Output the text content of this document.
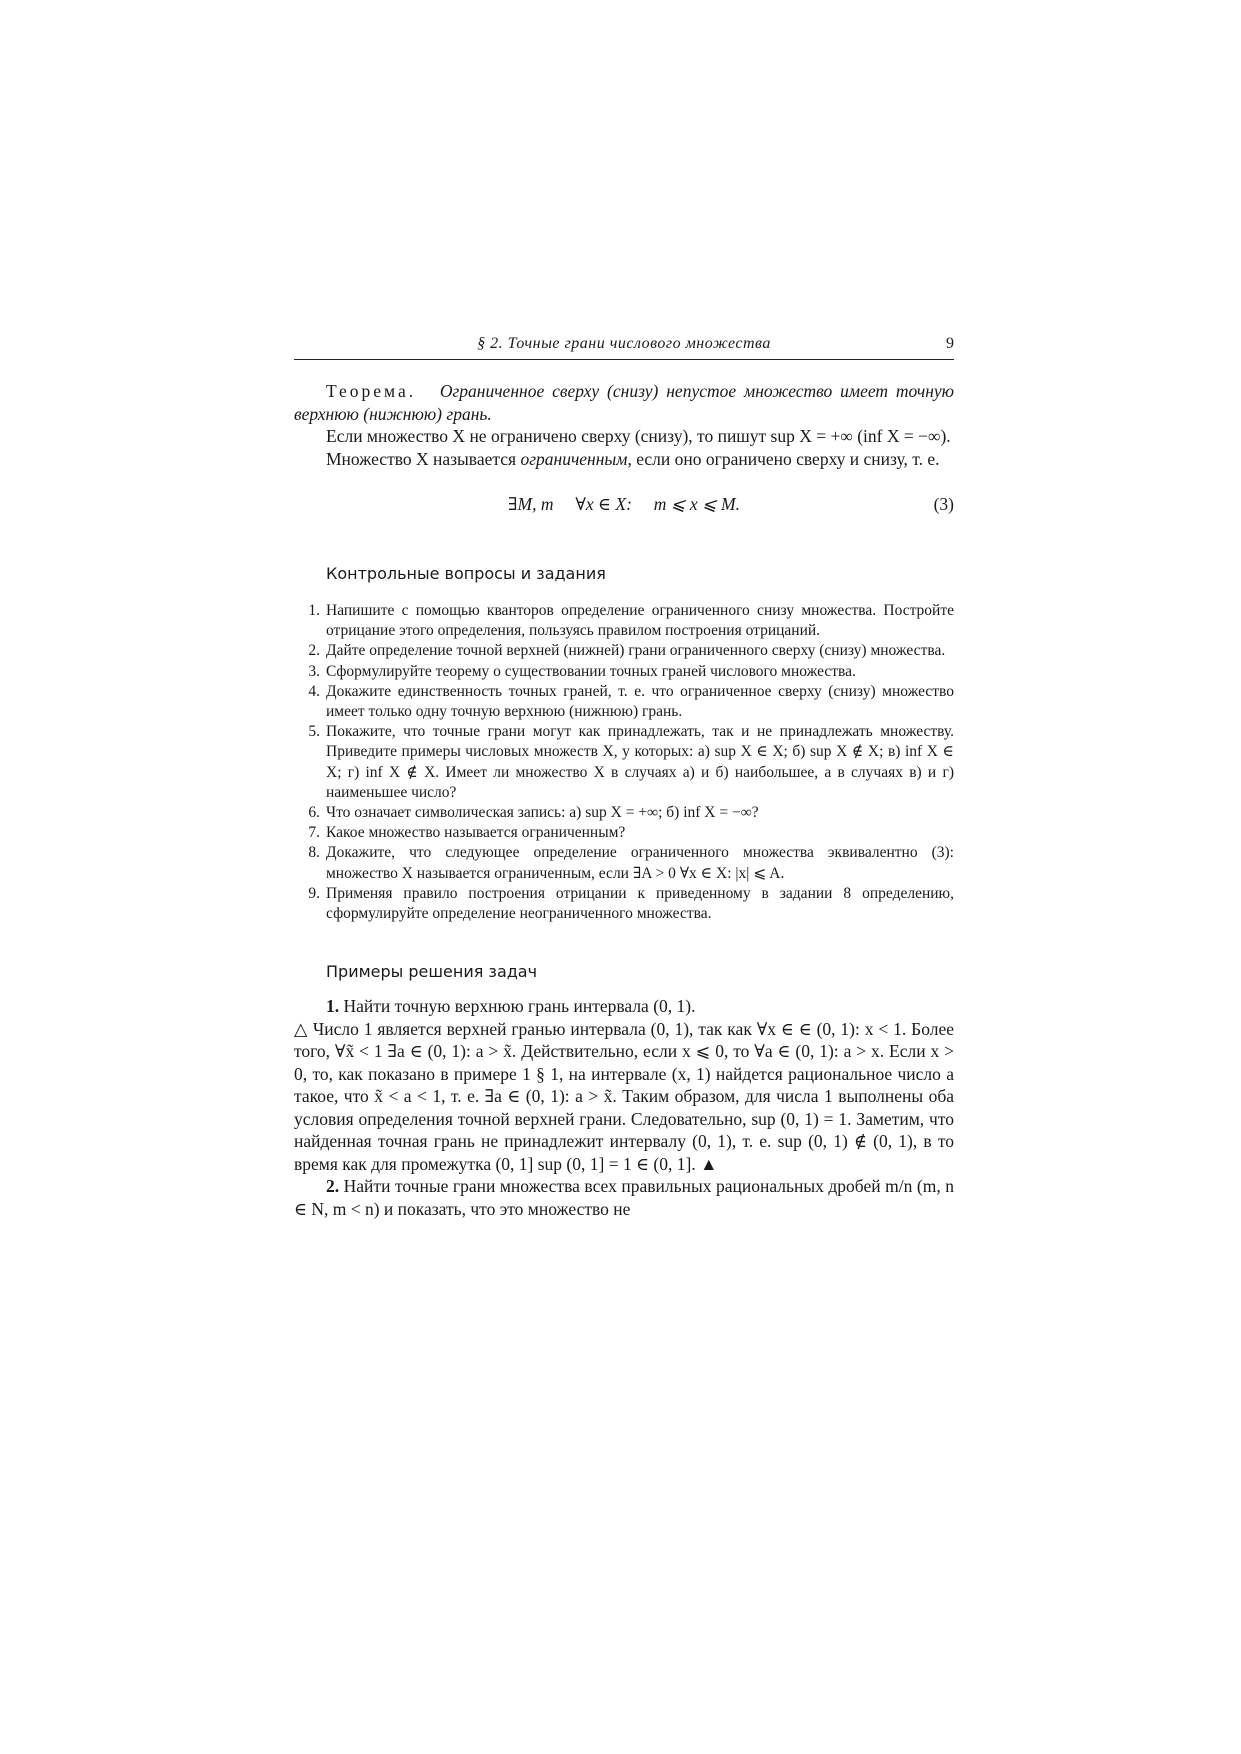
§ 2. Точные грани числового множества	9

Теорема. Ограниченное сверху (снизу) непустое множество имеет точную верхнюю (нижнюю) грань.

Если множество X не ограничено сверху (снизу), то пишут sup X = +∞ (inf X = −∞).

Множество X называется ограниченным, если оно ограничено сверху и снизу, т. е.

∃M, m     ∀x ∈ X:     m ⩽ x ⩽ M.	(3)
Контрольные вопросы и задания
1. Напишите с помощью кванторов определение ограниченного снизу множества. Постройте отрицание этого определения, пользуясь правилом построения отрицаний.
2. Дайте определение точной верхней (нижней) грани ограниченного сверху (снизу) множества.
3. Сформулируйте теорему о существовании точных граней числового множества.
4. Докажите единственность точных граней, т. е. что ограниченное сверху (снизу) множество имеет только одну точную верхнюю (нижнюю) грань.
5. Покажите, что точные грани могут как принадлежать, так и не принадлежать множеству. Приведите примеры числовых множеств X, у которых: а) sup X ∈ X; б) sup X ∉ X; в) inf X ∈ X; г) inf X ∉ X. Имеет ли множество X в случаях а) и б) наибольшее, а в случаях в) и г) наименьшее число?
6. Что означает символическая запись: а) sup X = +∞; б) inf X = −∞?
7. Какое множество называется ограниченным?
8. Докажите, что следующее определение ограниченного множества эквивалентно (3): множество X называется ограниченным, если ∃A > 0 ∀x ∈ X: |x| ⩽ A.
9. Применяя правило построения отрицании к приведенному в задании 8 определению, сформулируйте определение неограниченного множества.
Примеры решения задач

1. Найти точную верхнюю грань интервала (0, 1).

△ Число 1 является верхней гранью интервала (0, 1), так как ∀x ∈ ∈ (0, 1): x < 1. Более того, ∀x̃ < 1 ∃a ∈ (0, 1): a > x̃. Действительно, если x ⩽ 0, то ∀a ∈ (0, 1): a > x. Если x > 0, то, как показано в примере 1 § 1, на интервале (x, 1) найдется рациональное число a такое, что x̃ < a < 1, т. е. ∃a ∈ (0, 1): a > x̃. Таким образом, для числа 1 выполнены оба условия определения точной верхней грани. Следовательно, sup (0, 1) = 1. Заметим, что найденная точная грань не принадлежит интервалу (0, 1), т. е. sup (0, 1) ∉ (0, 1), в то время как для промежутка (0, 1] sup (0, 1] = 1 ∈ (0, 1]. ▲

2. Найти точные грани множества всех правильных рациональных дробей m/n (m, n ∈ N, m < n) и показать, что это множество не
